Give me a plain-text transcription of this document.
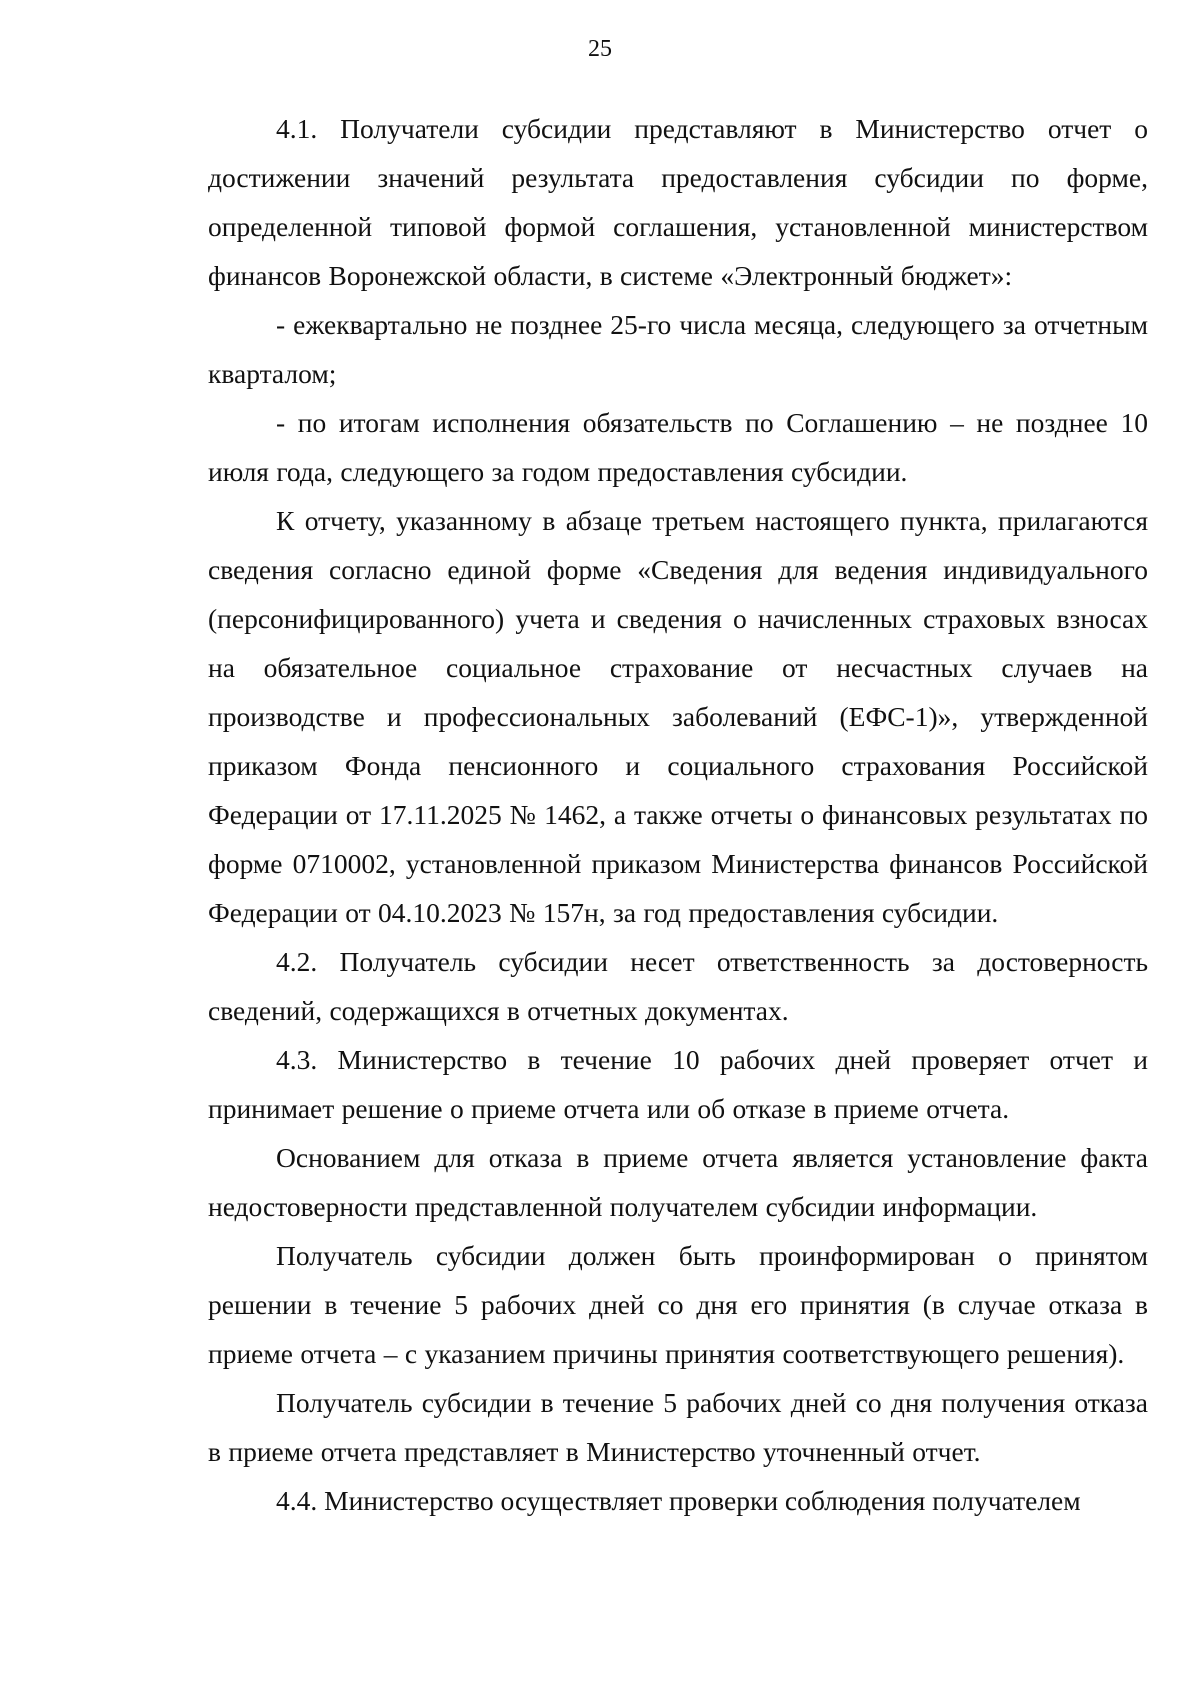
25

4.1. Получатели субсидии представляют в Министерство отчет о достижении значений результата предоставления субсидии по форме, определенной типовой формой соглашения, установленной министерством финансов Воронежской области, в системе «Электронный бюджет»:

- ежеквартально не позднее 25-го числа месяца, следующего за отчетным кварталом;

- по итогам исполнения обязательств по Соглашению – не позднее 10 июля года, следующего за годом предоставления субсидии.

К отчету, указанному в абзаце третьем настоящего пункта, прилагаются сведения согласно единой форме «Сведения для ведения индивидуального (персонифицированного) учета и сведения о начисленных страховых взносах на обязательное социальное страхование от несчастных случаев на производстве и профессиональных заболеваний (ЕФС-1)», утвержденной приказом Фонда пенсионного и социального страхования Российской Федерации от 17.11.2025 № 1462, а также отчеты о финансовых результатах по форме 0710002, установленной приказом Министерства финансов Российской Федерации от 04.10.2023 № 157н, за год предоставления субсидии.

4.2. Получатель субсидии несет ответственность за достоверность сведений, содержащихся в отчетных документах.

4.3. Министерство в течение 10 рабочих дней проверяет отчет и принимает решение о приеме отчета или об отказе в приеме отчета.

Основанием для отказа в приеме отчета является установление факта недостоверности представленной получателем субсидии информации.

Получатель субсидии должен быть проинформирован о принятом решении в течение 5 рабочих дней со дня его принятия (в случае отказа в приеме отчета – с указанием причины принятия соответствующего решения).

Получатель субсидии в течение 5 рабочих дней со дня получения отказа в приеме отчета представляет в Министерство уточненный отчет.

4.4. Министерство осуществляет проверки соблюдения получателем
